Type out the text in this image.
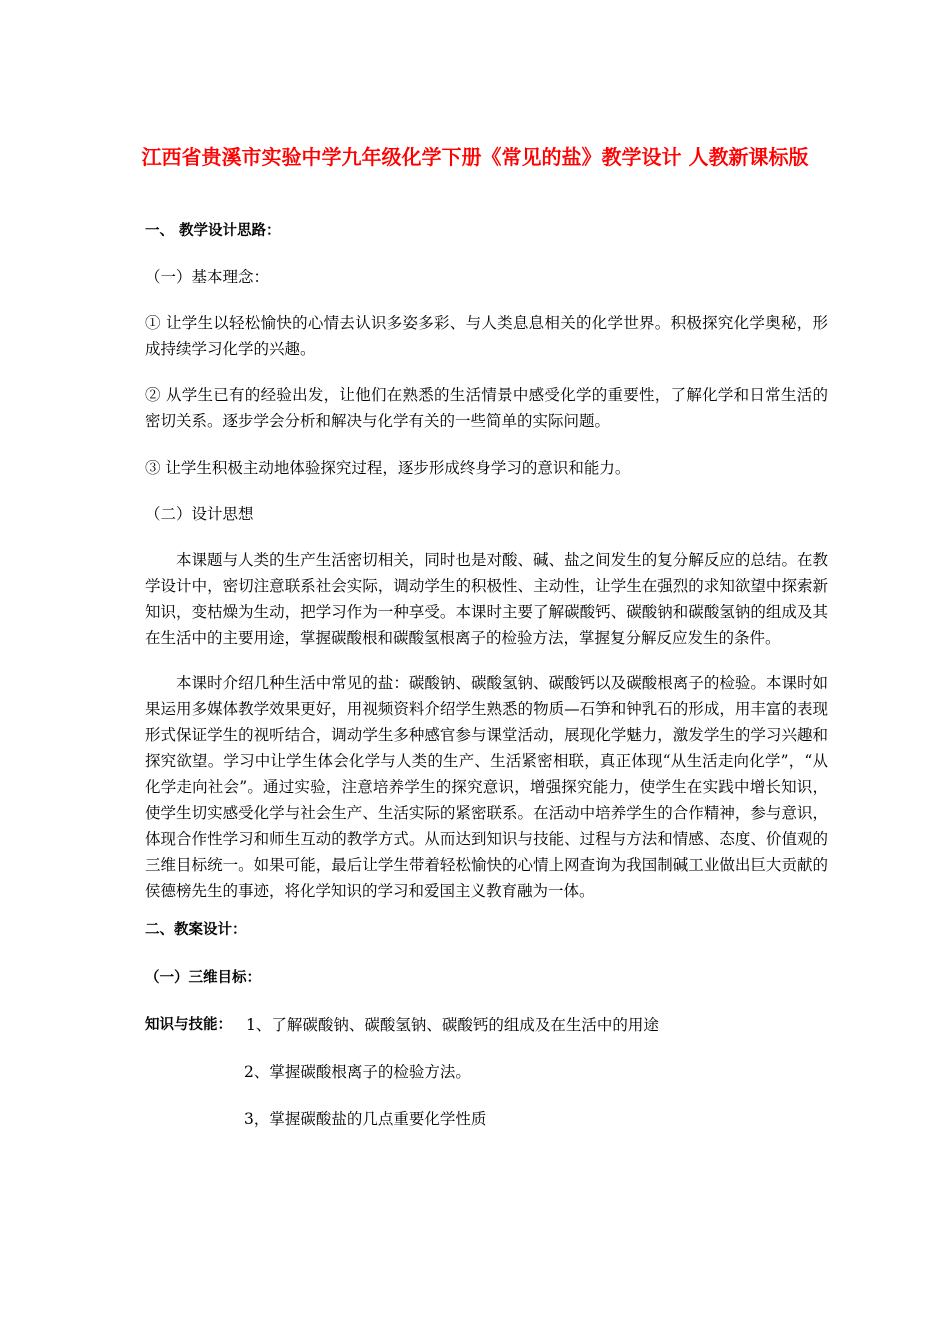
江西省贵溪市实验中学九年级化学下册《常见的盐》教学设计 人教新课标版

一、 教学设计思路：

（一）基本理念：

① 让学生以轻松愉快的心情去认识多姿多彩、与人类息息相关的化学世界。积极探究化学奥秘，形成持续学习化学的兴趣。

② 从学生已有的经验出发，让他们在熟悉的生活情景中感受化学的重要性，了解化学和日常生活的密切关系。逐步学会分析和解决与化学有关的一些简单的实际问题。

③ 让学生积极主动地体验探究过程，逐步形成终身学习的意识和能力。

（二）设计思想

本课题与人类的生产生活密切相关，同时也是对酸、碱、盐之间发生的复分解反应的总结。在教学设计中，密切注意联系社会实际，调动学生的积极性、主动性，让学生在强烈的求知欲望中探索新知识，变枯燥为生动，把学习作为一种享受。本课时主要了解碳酸钙、碳酸钠和碳酸氢钠的组成及其在生活中的主要用途，掌握碳酸根和碳酸氢根离子的检验方法，掌握复分解反应发生的条件。

本课时介绍几种生活中常见的盐：碳酸钠、碳酸氢钠、碳酸钙以及碳酸根离子的检验。本课时如果运用多媒体教学效果更好，用视频资料介绍学生熟悉的物质—石笋和钟乳石的形成，用丰富的表现形式保证学生的视听结合，调动学生多种感官参与课堂活动，展现化学魅力，激发学生的学习兴趣和探究欲望。学习中让学生体会化学与人类的生产、生活紧密相联，真正体现“从生活走向化学”，“从化学走向社会”。通过实验，注意培养学生的探究意识，增强探究能力，使学生在实践中增长知识，使学生切实感受化学与社会生产、生活实际的紧密联系。在活动中培养学生的合作精神，参与意识，体现合作性学习和师生互动的教学方式。从而达到知识与技能、过程与方法和情感、态度、价值观的三维目标统一。如果可能，最后让学生带着轻松愉快的心情上网查询为我国制碱工业做出巨大贡献的侯德榜先生的事迹，将化学知识的学习和爱国主义教育融为一体。

二、教案设计：

（一）三维目标：

知识与技能： 1、了解碳酸钠、碳酸氢钠、碳酸钙的组成及在生活中的用途

2、掌握碳酸根离子的检验方法。

3，掌握碳酸盐的几点重要化学性质
